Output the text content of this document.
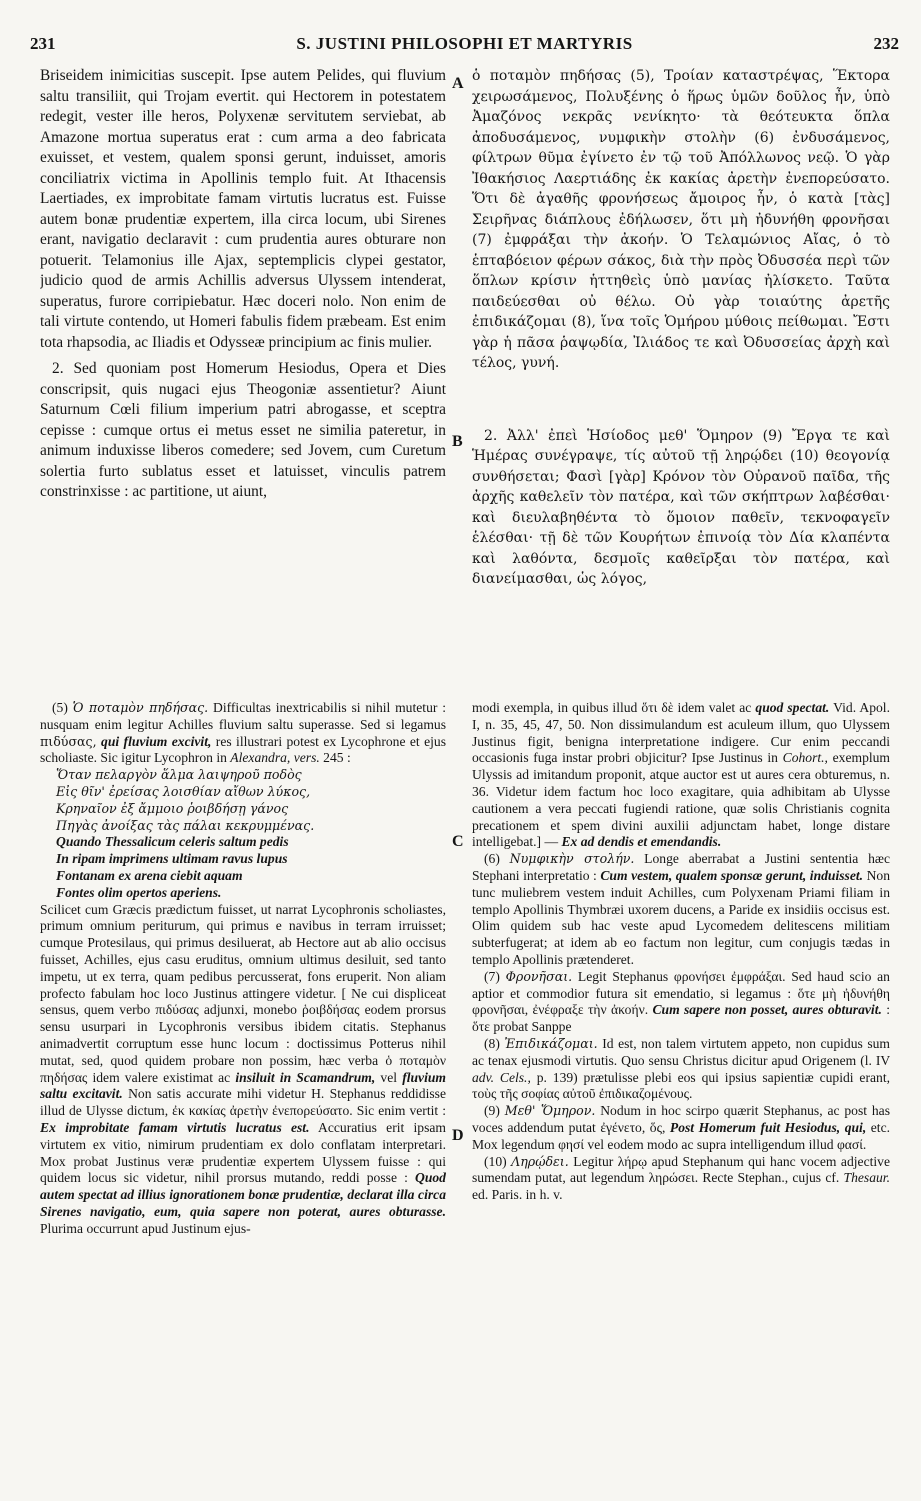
231	S. JUSTINI PHILOSOPHI ET MARTYRIS	232
A
B
C
D

Briseidem inimicitias suscepit. Ipse autem Pelides, qui fluvium saltu transiliit, qui Trojam evertit. qui Hectorem in potestatem redegit, vester ille heros, Polyxenæ servitutem serviebat, ab Amazone mortua superatus erat : cum arma a deo fabricata exuisset, et vestem, qualem sponsi gerunt, induisset, amoris conciliatrix victima in Apollinis templo fuit. At Ithacensis Laertiades, ex improbitate famam virtutis lucratus est. Fuisse autem bonæ prudentiæ expertem, illa circa locum, ubi Sirenes erant, navigatio declaravit : cum prudentia aures obturare non potuerit. Telamonius ille Ajax, septemplicis clypei gestator, judicio quod de armis Achillis adversus Ulyssem intenderat, superatus, furore corripiebatur. Hæc doceri nolo. Non enim de tali virtute contendo, ut Homeri fabulis fidem præbeam. Est enim tota rhapsodia, ac Iliadis et Odysseæ principium ac finis mulier.

2. Sed quoniam post Homerum Hesiodus, Opera et Dies conscripsit, quis nugaci ejus Theogoniæ assentietur? Aiunt Saturnum Cœli filium imperium patri abrogasse, et sceptra cepisse : cumque ortus ei metus esset ne similia pateretur, in animum induxisse liberos comedere; sed Jovem, cum Curetum solertia furto sublatus esset et latuisset, vinculis patrem constrinxisse : ac partitione, ut aiunt,

ὁ ποταμὸν πηδήσας (5), Τροίαν καταστρέψας, Ἕκτορα χειρωσάμενος, Πολυξένης ὁ ἥρως ὑμῶν δοῦλος ἦν, ὑπὸ Ἀμαζόνος νεκρᾶς νενίκητο· τὰ θεότευκτα ὅπλα ἀποδυσάμενος, νυμφικὴν στολὴν (6) ἐνδυσάμενος, φίλτρων θῦμα ἐγίνετο ἐν τῷ τοῦ Ἀπόλλωνος νεῷ. Ὁ γὰρ Ἰθακήσιος Λαερτιάδης ἐκ κακίας ἀρετὴν ἐνεπορεύσατο. Ὅτι δὲ ἀγαθῆς φρονήσεως ἄμοιρος ἦν, ὁ κατὰ [τὰς] Σειρῆνας διάπλους ἐδήλωσεν, ὅτι μὴ ἠδυνήθη φρονῆσαι (7) ἐμφράξαι τὴν ἀκοήν. Ὁ Τελαμώνιος Αἴας, ὁ τὸ ἑπταβόειον φέρων σάκος, διὰ τὴν πρὸς Ὀδυσσέα περὶ τῶν ὅπλων κρίσιν ἡττηθεὶς ὑπὸ μανίας ἠλίσκετο. Ταῦτα παιδεύεσθαι οὐ θέλω. Οὐ γὰρ τοιαύτης ἀρετῆς ἐπιδικάζομαι (8), ἵνα τοῖς Ὁμήρου μύθοις πείθωμαι. Ἔστι γὰρ ἡ πᾶσα ῥαψῳδία, Ἰλιάδος τε καὶ Ὀδυσσείας ἀρχὴ καὶ τέλος, γυνή.

2. Ἀλλ' ἐπεὶ Ἡσίοδος μεθ' Ὅμηρον (9) Ἔργα τε καὶ Ἡμέρας συνέγραψε, τίς αὐτοῦ τῇ ληρῴδει (10) θεογονίᾳ συνθήσεται; Φασὶ [γὰρ] Κρόνον τὸν Οὐρανοῦ παῖδα, τῆς ἀρχῆς καθελεῖν τὸν πατέρα, καὶ τῶν σκήπτρων λαβέσθαι· καὶ διευλαβηθέντα τὸ ὅμοιον παθεῖν, τεκνοφαγεῖν ἑλέσθαι· τῇ δὲ τῶν Κουρήτων ἐπινοίᾳ τὸν Δία κλαπέντα καὶ λαθόντα, δεσμοῖς καθεῖρξαι τὸν πατέρα, καὶ διανείμασθαι, ὡς λόγος,

(5) Ὁ ποταμὸν πηδήσας. Difficultas inextricabilis si nihil mutetur : nusquam enim legitur Achilles fluvium saltu superasse. Sed si legamus πιδύσας, qui fluvium excivit, res illustrari potest ex Lycophrone et ejus scholiaste. Sic igitur Lycophron in Alexandra, vers. 245 :

Ὅταν πελαργὸν ἅλμα λαιψηροῦ ποδὸς

Εἰς θῖν' ἐρείσας λοισθίαν αἴθων λύκος,

Κρηναῖον ἐξ ἄμμοιο ῥοιβδήσῃ γάνος

Πηγὰς ἀνοίξας τὰς πάλαι κεκρυμμένας.

Quando Thessalicum celeris saltum pedis

In ripam imprimens ultimam ravus lupus

Fontanam ex arena ciebit aquam

Fontes olim opertos aperiens.

Scilicet cum Græcis prædictum fuisset, ut narrat Lycophronis scholiastes, primum omnium periturum, qui primus e navibus in terram irruisset; cumque Protesilaus, qui primus desiluerat, ab Hectore aut ab alio occisus fuisset, Achilles, ejus casu eruditus, omnium ultimus desiluit, sed tanto impetu, ut ex terra, quam pedibus percusserat, fons eruperit. Non aliam profecto fabulam hoc loco Justinus attingere videtur. [ Ne cui displiceat sensus, quem verbo πιδύσας adjunxi, monebo ῥοιβδήσας eodem prorsus sensu usurpari in Lycophronis versibus ibidem citatis. Stephanus animadvertit corruptum esse hunc locum : doctissimus Potterus nihil mutat, sed, quod quidem probare non possim, hæc verba ὁ ποταμὸν πηδήσας idem valere existimat ac insiluit in Scamandrum, vel fluvium saltu excitavit. Non satis accurate mihi videtur H. Stephanus reddidisse illud de Ulysse dictum, ἐκ κακίας ἀρετὴν ἐνεπορεύσατο. Sic enim vertit : Ex improbitate famam virtutis lucratus est. Accuratius erit ipsam virtutem ex vitio, nimirum prudentiam ex dolo conflatam interpretari. Mox probat Justinus veræ prudentiæ expertem Ulyssem fuisse : qui quidem locus sic videtur, nihil prorsus mutando, reddi posse : Quod autem spectat ad illius ignorationem bonæ prudentiæ, declarat illa circa Sirenes navigatio, eum, quia sapere non poterat, aures obturasse. Plurima occurrunt apud Justinum ejus-

modi exempla, in quibus illud ὅτι δὲ idem valet ac quod spectat. Vid. Apol. I, n. 35, 45, 47, 50. Non dissimulandum est aculeum illum, quo Ulyssem Justinus figit, benigna interpretatione indigere. Cur enim peccandi occasionis fuga instar probri objicitur? Ipse Justinus in Cohort., exemplum Ulyssis ad imitandum proponit, atque auctor est ut aures cera obturemus, n. 36. Videtur idem factum hoc loco exagitare, quia adhibitam ab Ulysse cautionem a vera peccati fugiendi ratione, quæ solis Christianis cognita precationem et spem divini auxilii adjunctam habet, longe distare intelligebat.] — Ex ad dendis et emendandis.

(6) Νυμφικὴν στολήν. Longe aberrabat a Justini sententia hæc Stephani interpretatio : Cum vestem, qualem sponsæ gerunt, induisset. Non tunc muliebrem vestem induit Achilles, cum Polyxenam Priami filiam in templo Apollinis Thymbræi uxorem ducens, a Paride ex insidiis occisus est. Olim quidem sub hac veste apud Lycomedem delitescens militiam subterfugerat; at idem ab eo factum non legitur, cum conjugis tædas in templo Apollinis prætenderet.

(7) Φρονῆσαι. Legit Stephanus φρονήσει ἐμφράξαι. Sed haud scio an aptior et commodior futura sit emendatio, si legamus : ὅτε μὴ ἠδυνήθη φρονῆσαι, ἐνέφραξε τὴν ἀκοήν. Cum sapere non posset, aures obturavit. : ὅτε probat Sanppe

(8) Ἐπιδικάζομαι. Id est, non talem virtutem appeto, non cupidus sum ac tenax ejusmodi virtutis. Quo sensu Christus dicitur apud Origenem (l. IV adv. Cels., p. 139) prætulisse plebi eos qui ipsius sapientiæ cupidi erant, τοὺς τῆς σοφίας αὐτοῦ ἐπιδικαζομένους.

(9) Μεθ' Ὅμηρον. Nodum in hoc scirpo quærit Stephanus, ac post has voces addendum putat ἐγένετο, ὅς, Post Homerum fuit Hesiodus, qui, etc. Mox legendum φησί vel eodem modo ac supra intelligendum illud φασί.

(10) Ληρῴδει. Legitur λήρῳ apud Stephanum qui hanc vocem adjective sumendam putat, aut legendum ληρώσει. Recte Stephan., cujus cf. Thesaur. ed. Paris. in h. v.
